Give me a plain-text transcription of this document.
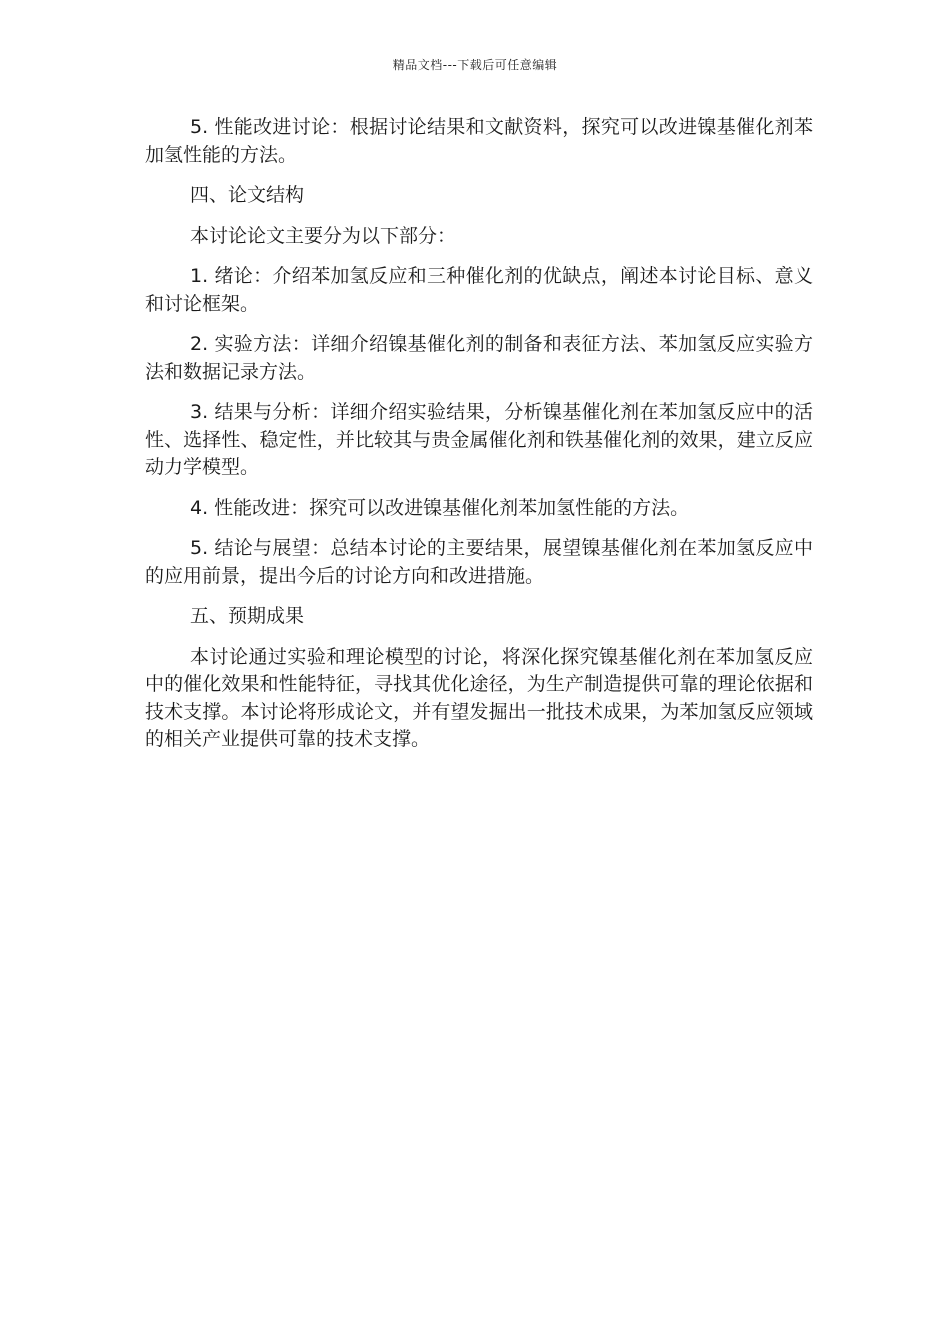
精品文档---下载后可任意编辑

5. 性能改进讨论：根据讨论结果和文献资料，探究可以改进镍基催化剂苯加氢性能的方法。

四、论文结构

本讨论论文主要分为以下部分：

1. 绪论：介绍苯加氢反应和三种催化剂的优缺点，阐述本讨论目标、意义和讨论框架。

2. 实验方法：详细介绍镍基催化剂的制备和表征方法、苯加氢反应实验方法和数据记录方法。

3. 结果与分析：详细介绍实验结果，分析镍基催化剂在苯加氢反应中的活性、选择性、稳定性，并比较其与贵金属催化剂和铁基催化剂的效果，建立反应动力学模型。

4. 性能改进：探究可以改进镍基催化剂苯加氢性能的方法。

5. 结论与展望：总结本讨论的主要结果，展望镍基催化剂在苯加氢反应中的应用前景，提出今后的讨论方向和改进措施。

五、预期成果

本讨论通过实验和理论模型的讨论，将深化探究镍基催化剂在苯加氢反应中的催化效果和性能特征，寻找其优化途径，为生产制造提供可靠的理论依据和技术支撑。本讨论将形成论文，并有望发掘出一批技术成果，为苯加氢反应领域的相关产业提供可靠的技术支撑。
